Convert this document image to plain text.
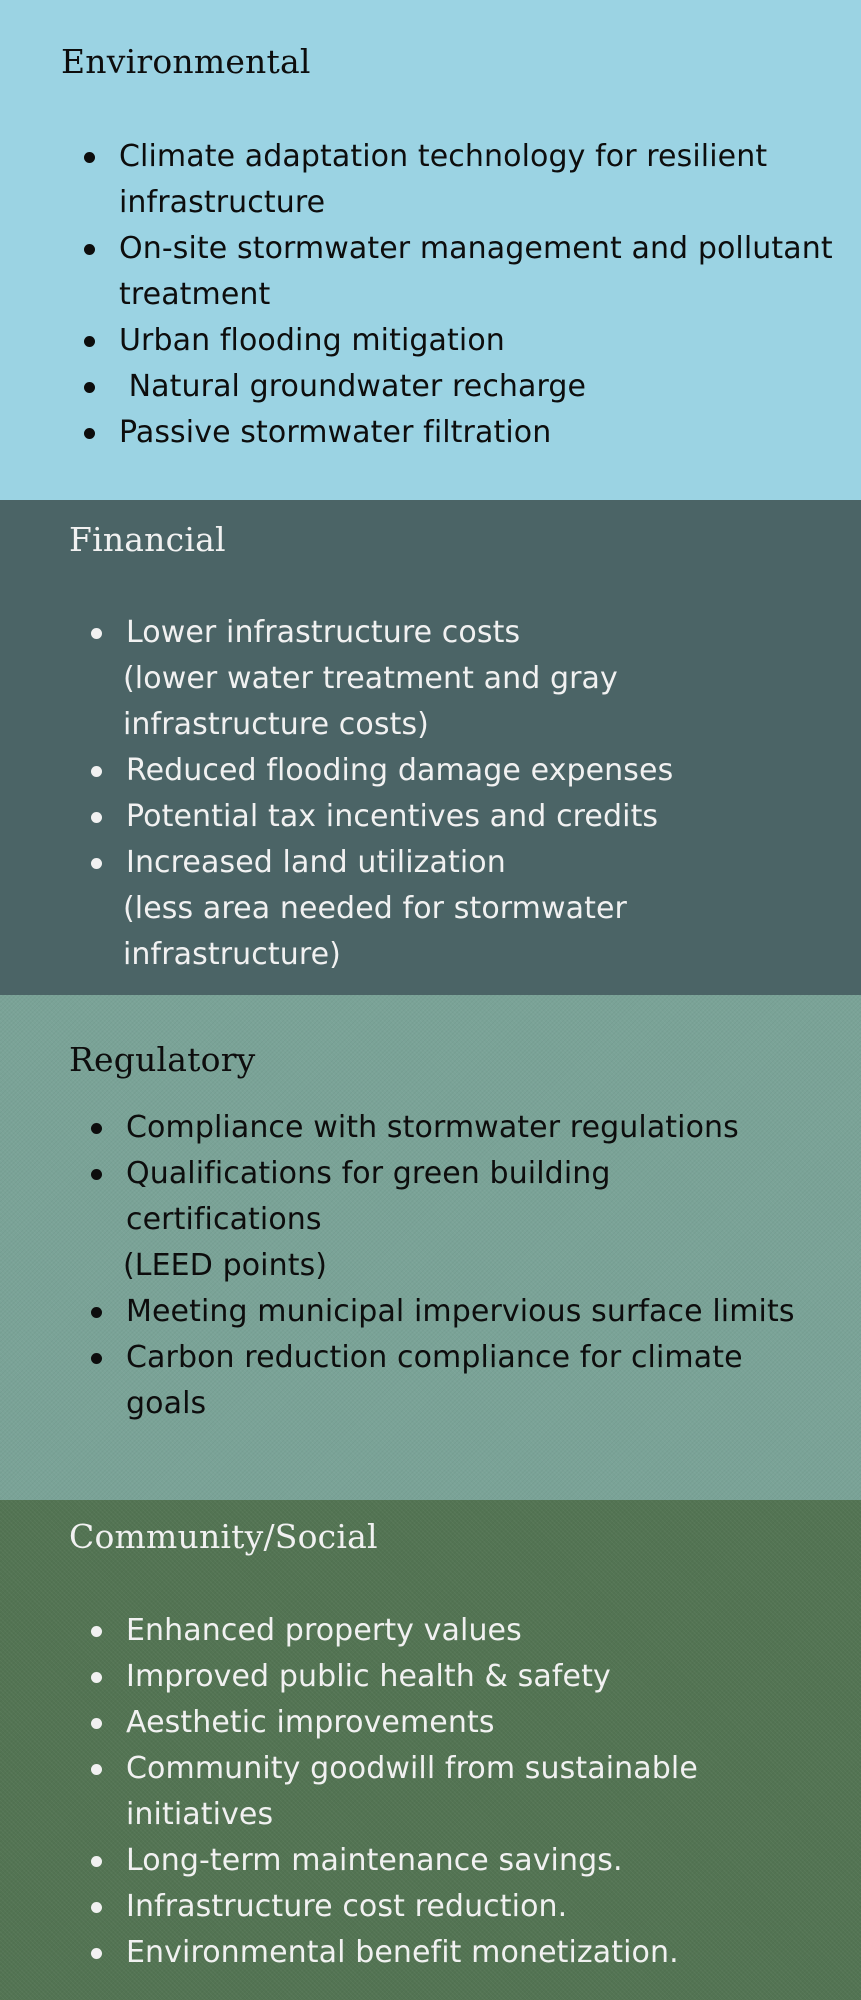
Environmental
Climate adaptation technology for resilient infrastructure
On-site stormwater management and pollutant  treatment
Urban flooding mitigation
Natural groundwater recharge
Passive stormwater filtration
Financial
Lower infrastructure costs
(lower water treatment and gray infrastructure costs)
Reduced flooding damage expenses
Potential tax incentives and credits
Increased land utilization
(less area needed for stormwater infrastructure)
Regulatory
Compliance with stormwater regulations
Qualifications for green building certifications
(LEED points)
Meeting municipal impervious surface limits
Carbon reduction compliance for climate goals
Community/Social
Enhanced property values
Improved public health & safety
Aesthetic improvements
Community goodwill from sustainable initiatives
Long-term maintenance savings.
Infrastructure cost reduction.
Environmental benefit monetization.
